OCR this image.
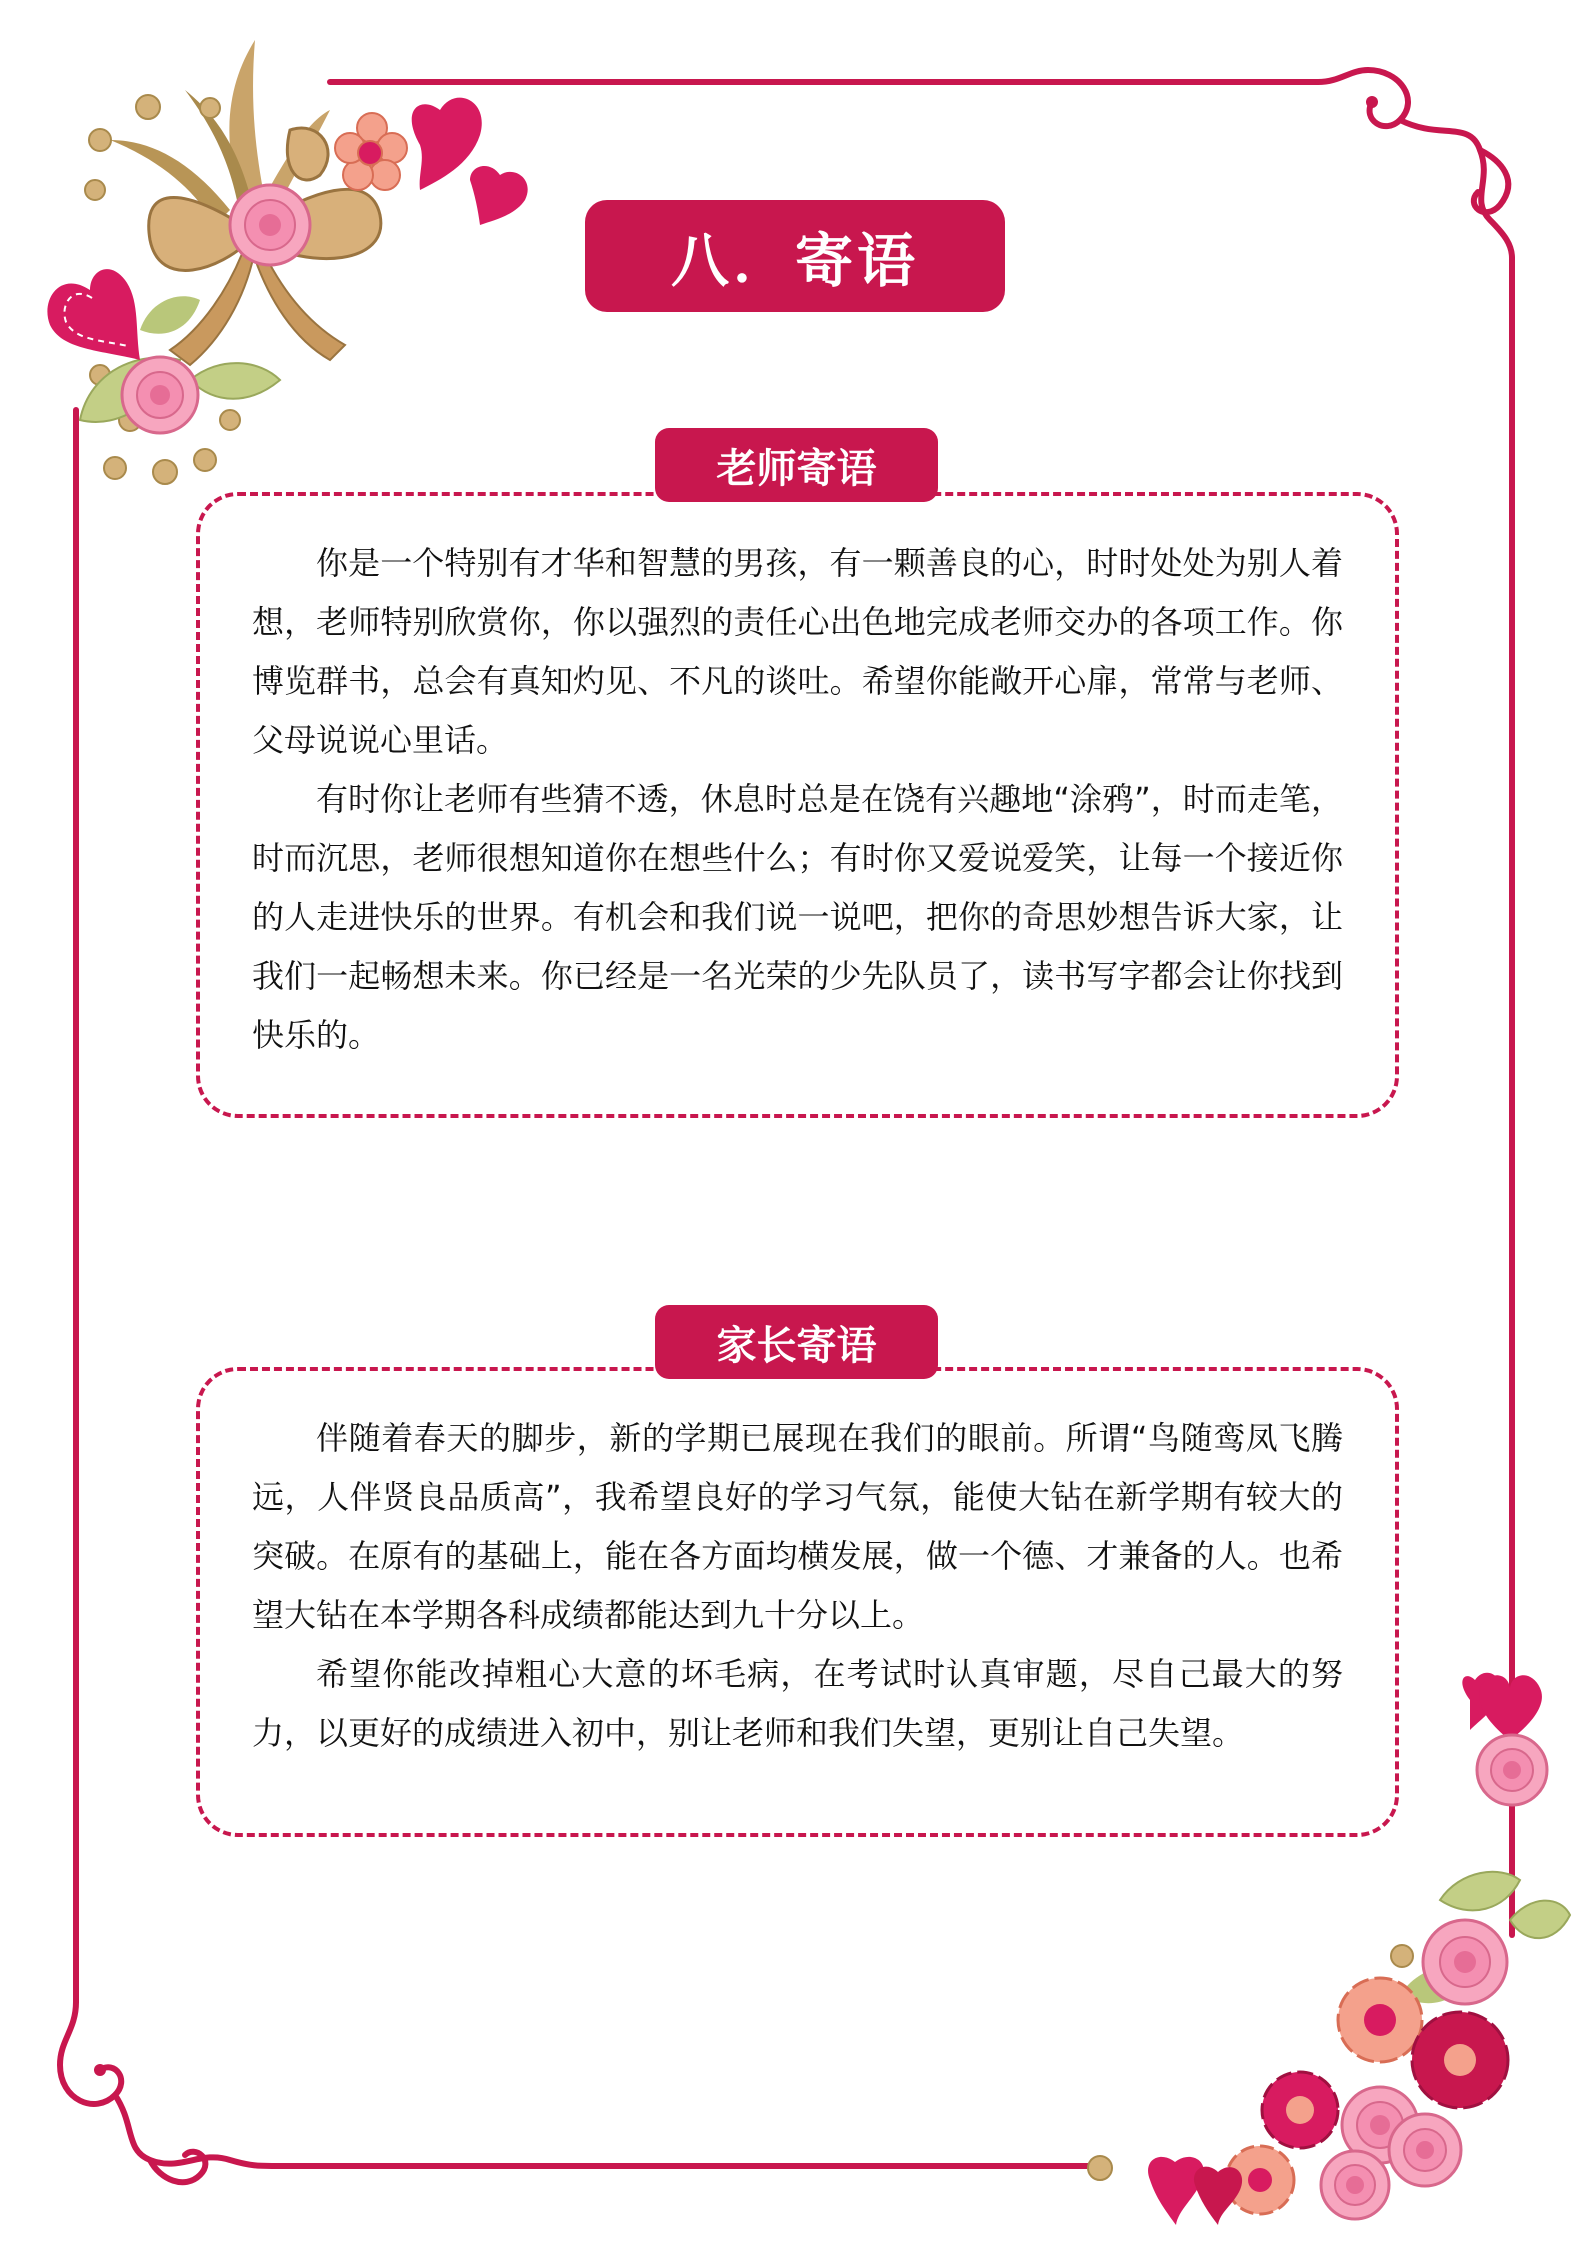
八．寄语
老师寄语

你是一个特别有才华和智慧的男孩，有一颗善良的心，时时处处为别人着想，老师特别欣赏你，你以强烈的责任心出色地完成老师交办的各项工作。你博览群书，总会有真知灼见、不凡的谈吐。希望你能敞开心扉，常常与老师、父母说说心里话。

有时你让老师有些猜不透，休息时总是在饶有兴趣地“涂鸦”，时而走笔，时而沉思，老师很想知道你在想些什么；有时你又爱说爱笑，让每一个接近你的人走进快乐的世界。有机会和我们说一说吧，把你的奇思妙想告诉大家，让我们一起畅想未来。你已经是一名光荣的少先队员了，读书写字都会让你找到快乐的。

家长寄语

伴随着春天的脚步，新的学期已展现在我们的眼前。所谓“鸟随鸾凤飞腾远，人伴贤良品质高”，我希望良好的学习气氛，能使大钻在新学期有较大的突破。在原有的基础上，能在各方面均横发展，做一个德、才兼备的人。也希望大钻在本学期各科成绩都能达到九十分以上。

希望你能改掉粗心大意的坏毛病，在考试时认真审题，尽自己最大的努力，以更好的成绩进入初中，别让老师和我们失望，更别让自己失望。
